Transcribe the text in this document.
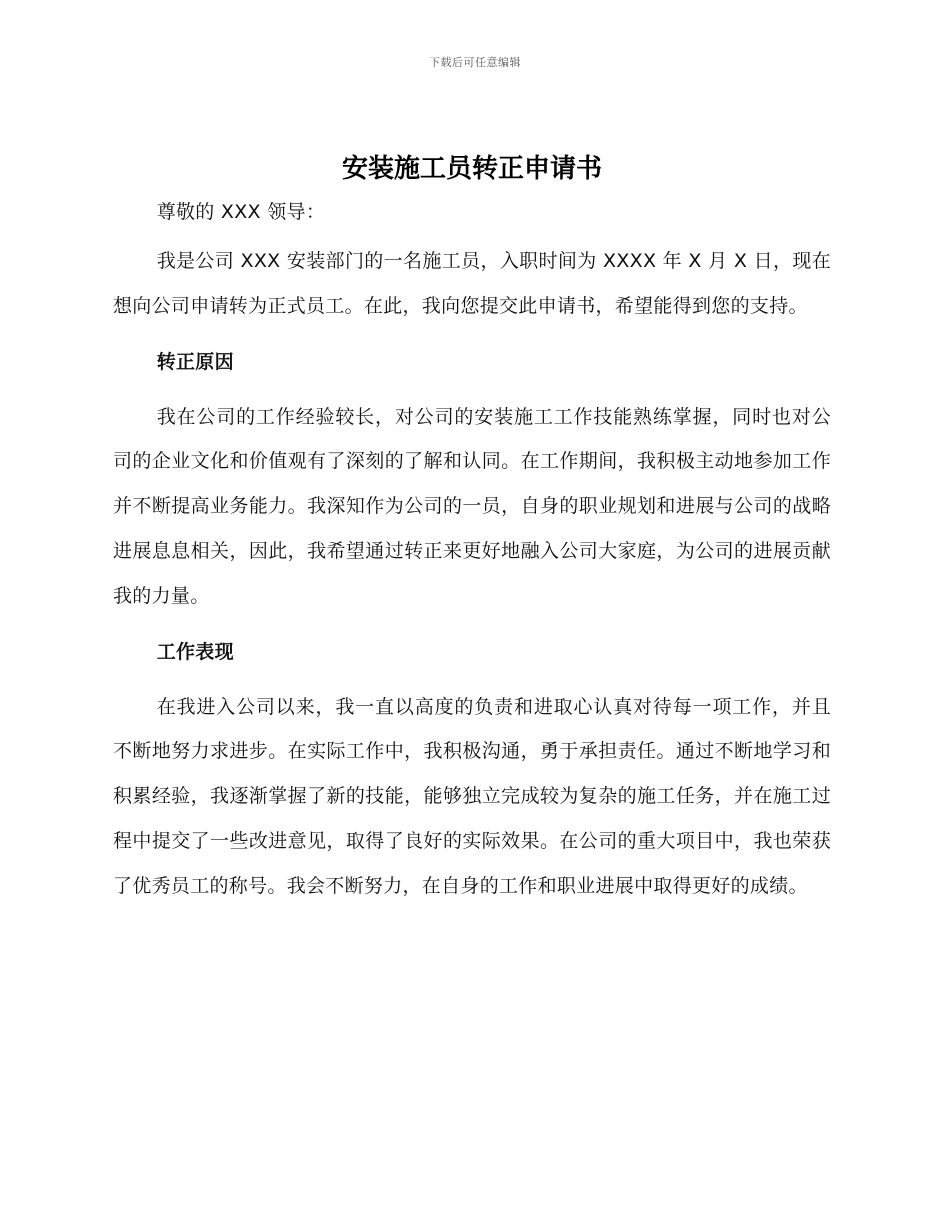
下载后可任意编辑
安装施工员转正申请书

尊敬的 XXX 领导：

我是公司 XXX 安装部门的一名施工员，入职时间为 XXXX 年 X 月 X 日，现在想向公司申请转为正式员工。在此，我向您提交此申请书，希望能得到您的支持。

转正原因

我在公司的工作经验较长，对公司的安装施工工作技能熟练掌握，同时也对公司的企业文化和价值观有了深刻的了解和认同。在工作期间，我积极主动地参加工作并不断提高业务能力。我深知作为公司的一员，自身的职业规划和进展与公司的战略进展息息相关，因此，我希望通过转正来更好地融入公司大家庭，为公司的进展贡献我的力量。

工作表现

在我进入公司以来，我一直以高度的负责和进取心认真对待每一项工作，并且不断地努力求进步。在实际工作中，我积极沟通，勇于承担责任。通过不断地学习和积累经验，我逐渐掌握了新的技能，能够独立完成较为复杂的施工任务，并在施工过程中提交了一些改进意见，取得了良好的实际效果。在公司的重大项目中，我也荣获了优秀员工的称号。我会不断努力，在自身的工作和职业进展中取得更好的成绩。
